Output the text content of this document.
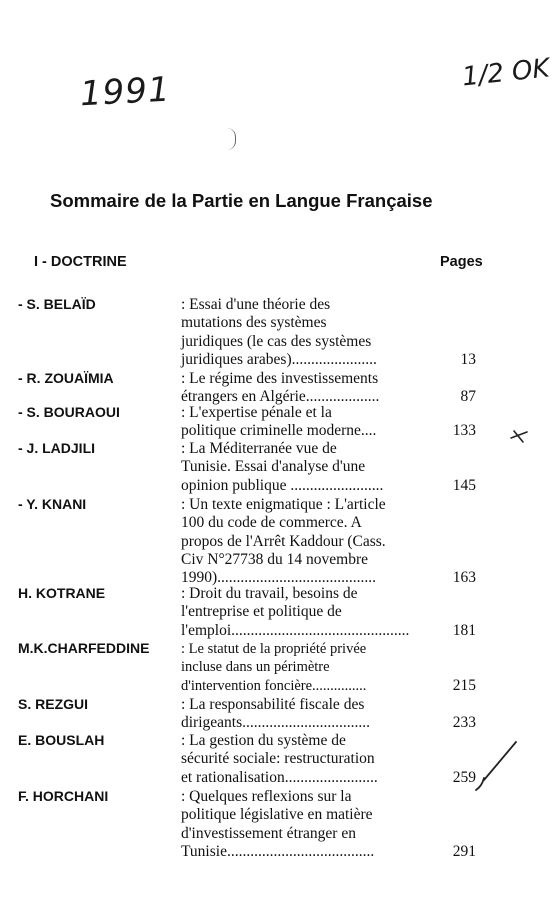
1991	1/2 OK
Sommaire de la Partie en Langue Française
I - DOCTRINE	Pages
- S. BELAÏD	: Essai d'une théorie des
mutations des systèmes
juridiques (le cas des systèmes
juridiques arabes)......................	13
- R. ZOUAÏMIA	: Le régime des investissements
étrangers en Algérie...................	87
- S. BOURAOUI	: L'expertise pénale et la
politique criminelle moderne....	133
- J. LADJILI	: La Méditerranée vue de
Tunisie. Essai d'analyse d'une
opinion publique ........................	145
- Y. KNANI	: Un texte enigmatique : L'article
100 du code de commerce. A
propos de l'Arrêt Kaddour (Cass.
Civ N°27738 du 14 novembre
1990).........................................	163
H. KOTRANE	: Droit du travail, besoins de
l'entreprise et politique de
l'emploi..............................................	181
M.K.CHARFEDDINE : Le statut de la propriété privée
incluse dans un périmètre
d'intervention foncière...............	215
S. REZGUI	: La responsabilité fiscale des
dirigeants.................................	233
E. BOUSLAH	: La gestion du système de
sécurité sociale: restructuration
et rationalisation........................	259
F. HORCHANI	: Quelques reflexions sur la
politique législative en matière
d'investissement étranger en
Tunisie......................................	291
